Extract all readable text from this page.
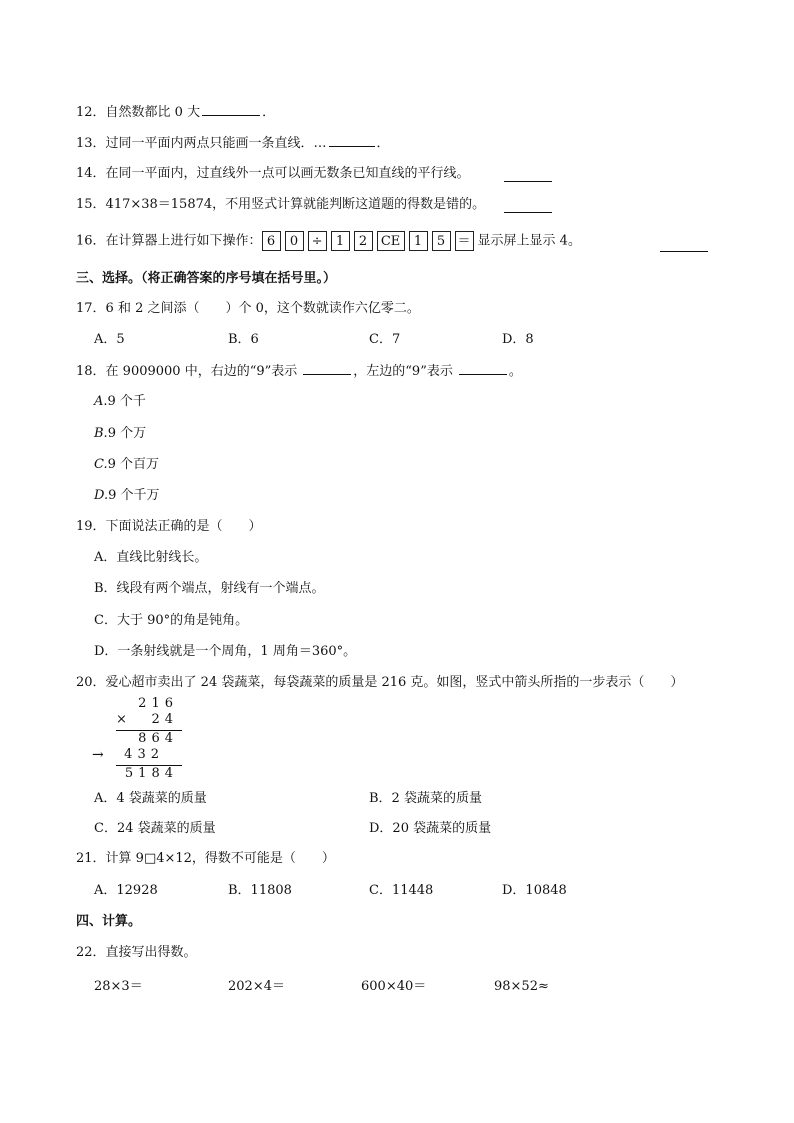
12．自然数都比 0 大	．
13．过同一平面内两点只能画一条直线．…	．
14．在同一平面内，过直线外一点可以画无数条已知直线的平行线。
15．417×38＝15874，不用竖式计算就能判断这道题的得数是错的。
16．在计算器上进行如下操作： 6 0 ÷ 1 2 CE 1 5 ＝ 显示屏上显示 4。
三、选择。（将正确答案的序号填在括号里。）
17．6 和 2 之间添（　　）个 0，这个数就读作六亿零二。
A．5	B．6	C．7	D．8
18．在 9009000 中，右边的“9”表示	，左边的“9”表示	。
A.9 个千
B.9 个万
C.9 个百万
D.9 个千万
19．下面说法正确的是（　　）
A．直线比射线长。
B．线段有两个端点，射线有一个端点。
C．大于 90°的角是钝角。
D．一条射线就是一个周角，1 周角＝360°。
20．爱心超市卖出了 24 袋蔬菜，每袋蔬菜的质量是 216 克。如图，竖式中箭头所指的一步表示（　　）
216
× 24
864
→ 432
5184
A．4 袋蔬菜的质量	B．2 袋蔬菜的质量
C．24 袋蔬菜的质量	D．20 袋蔬菜的质量
21．计算 9□4×12，得数不可能是（　　）
A．12928	B．11808	C．11448	D．10848
四、计算。
22．直接写出得数。
28×3＝	202×4＝	600×40＝	98×52≈
